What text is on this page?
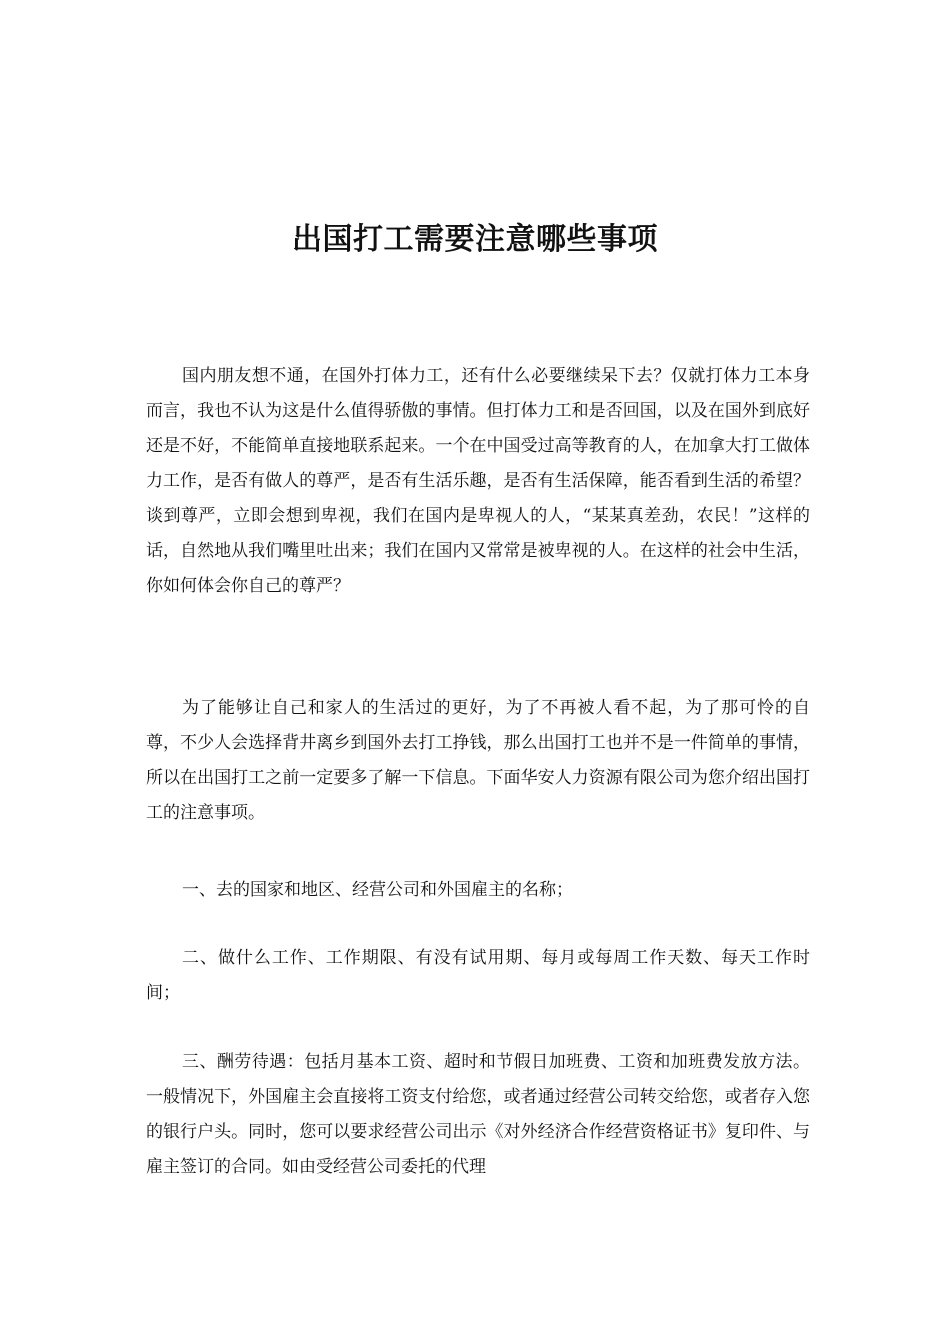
出国打工需要注意哪些事项

国内朋友想不通，在国外打体力工，还有什么必要继续呆下去？仅就打体力工本身而言，我也不认为这是什么值得骄傲的事情。但打体力工和是否回国，以及在国外到底好还是不好，不能简单直接地联系起来。一个在中国受过高等教育的人，在加拿大打工做体力工作，是否有做人的尊严，是否有生活乐趣，是否有生活保障，能否看到生活的希望？谈到尊严，立即会想到卑视，我们在国内是卑视人的人，“某某真差劲，农民！”这样的话，自然地从我们嘴里吐出来；我们在国内又常常是被卑视的人。在这样的社会中生活，你如何体会你自己的尊严？

为了能够让自己和家人的生活过的更好，为了不再被人看不起，为了那可怜的自尊，不少人会选择背井离乡到国外去打工挣钱，那么出国打工也并不是一件简单的事情，所以在出国打工之前一定要多了解一下信息。下面华安人力资源有限公司为您介绍出国打工的注意事项。

一、去的国家和地区、经营公司和外国雇主的名称；

二、做什么工作、工作期限、有没有试用期、每月或每周工作天数、每天工作时间；

三、酬劳待遇：包括月基本工资、超时和节假日加班费、工资和加班费发放方法。一般情况下，外国雇主会直接将工资支付给您，或者通过经营公司转交给您，或者存入您的银行户头。同时，您可以要求经营公司出示《对外经济合作经营资格证书》复印件、与雇主签订的合同。如由受经营公司委托的代理
